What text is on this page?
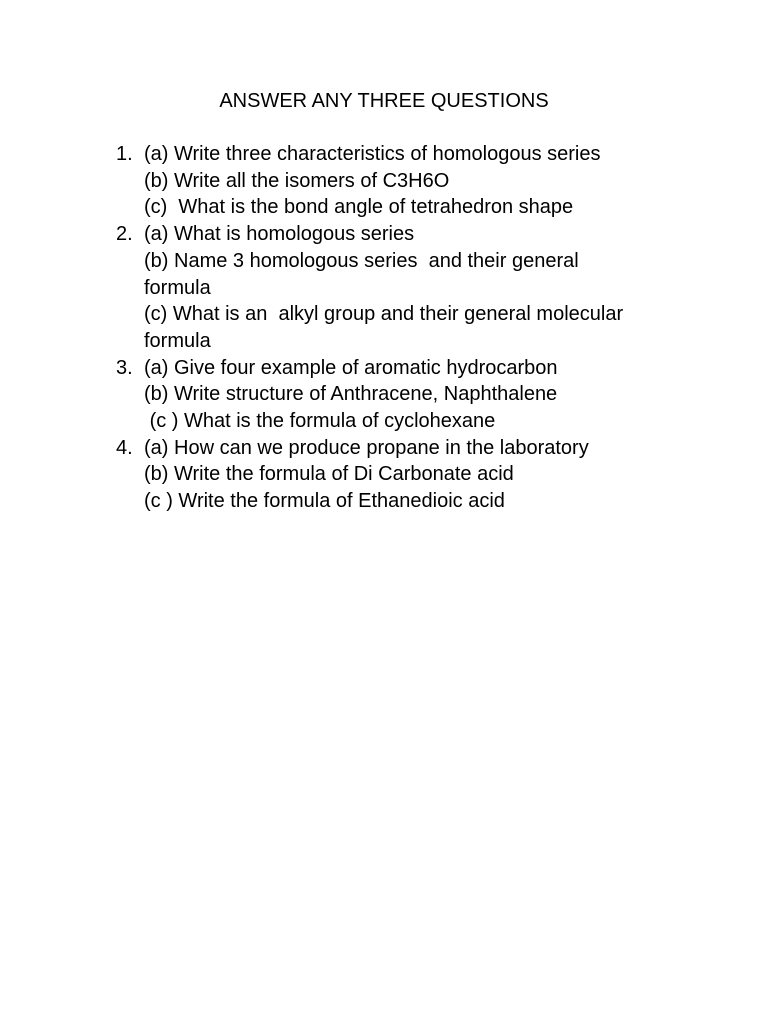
ANSWER ANY THREE QUESTIONS
1. (a) Write three characteristics of homologous series
(b) Write all the isomers of C3H6O
(c)  What is the bond angle of tetrahedron shape
2. (a) What is homologous series
(b) Name 3 homologous series  and their general formula
(c) What is an  alkyl group and their general molecular formula
3. (a) Give four example of aromatic hydrocarbon
(b) Write structure of Anthracene, Naphthalene
(c ) What is the formula of cyclohexane
4. (a) How can we produce propane in the laboratory
(b) Write the formula of Di Carbonate acid
(c ) Write the formula of Ethanedioic acid
